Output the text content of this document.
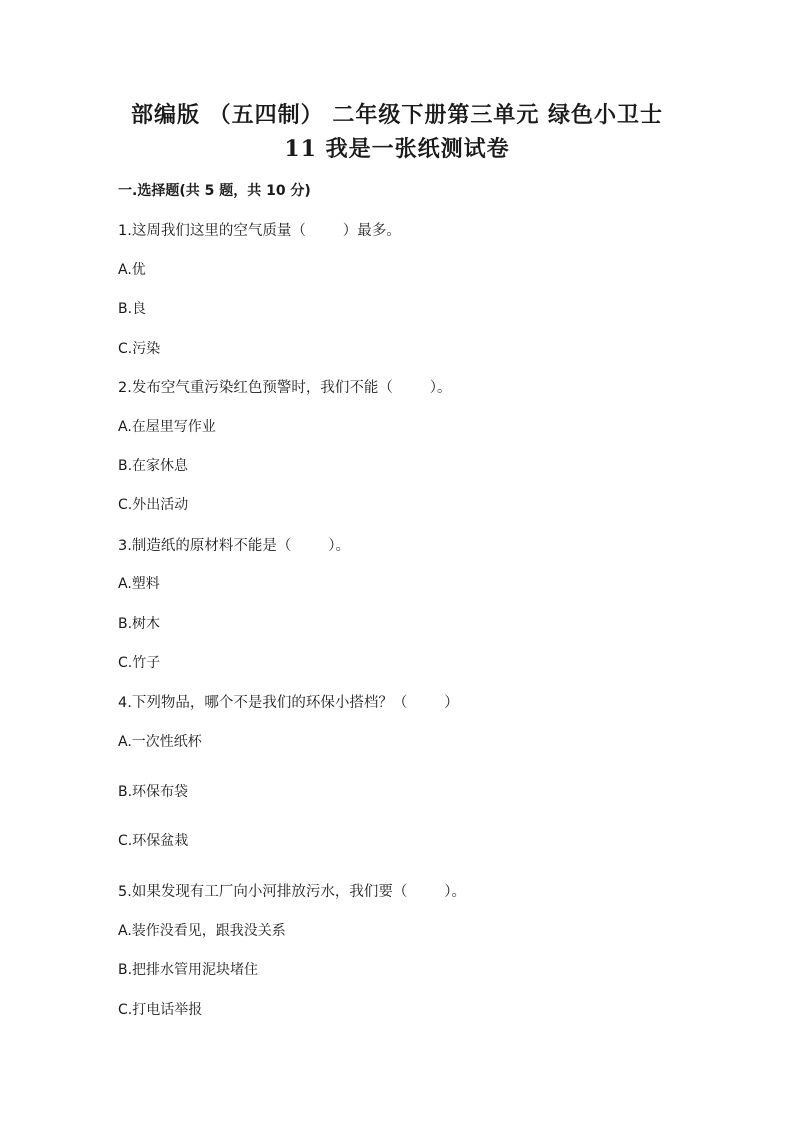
部编版 （五四制） 二年级下册第三单元 绿色小卫士
11 我是一张纸测试卷
一.选择题(共 5 题，共 10 分)
1.这周我们这里的空气质量（        ）最多。
A.优
B.良
C.污染
2.发布空气重污染红色预警时，我们不能（        ）。
A.在屋里写作业
B.在家休息
C.外出活动
3.制造纸的原材料不能是（        ）。
A.塑料
B.树木
C.竹子
4.下列物品，哪个不是我们的环保小搭档？（        ）
A.一次性纸杯
B.环保布袋
C.环保盆栽
5.如果发现有工厂向小河排放污水，我们要（        ）。
A.装作没看见，跟我没关系
B.把排水管用泥块堵住
C.打电话举报
